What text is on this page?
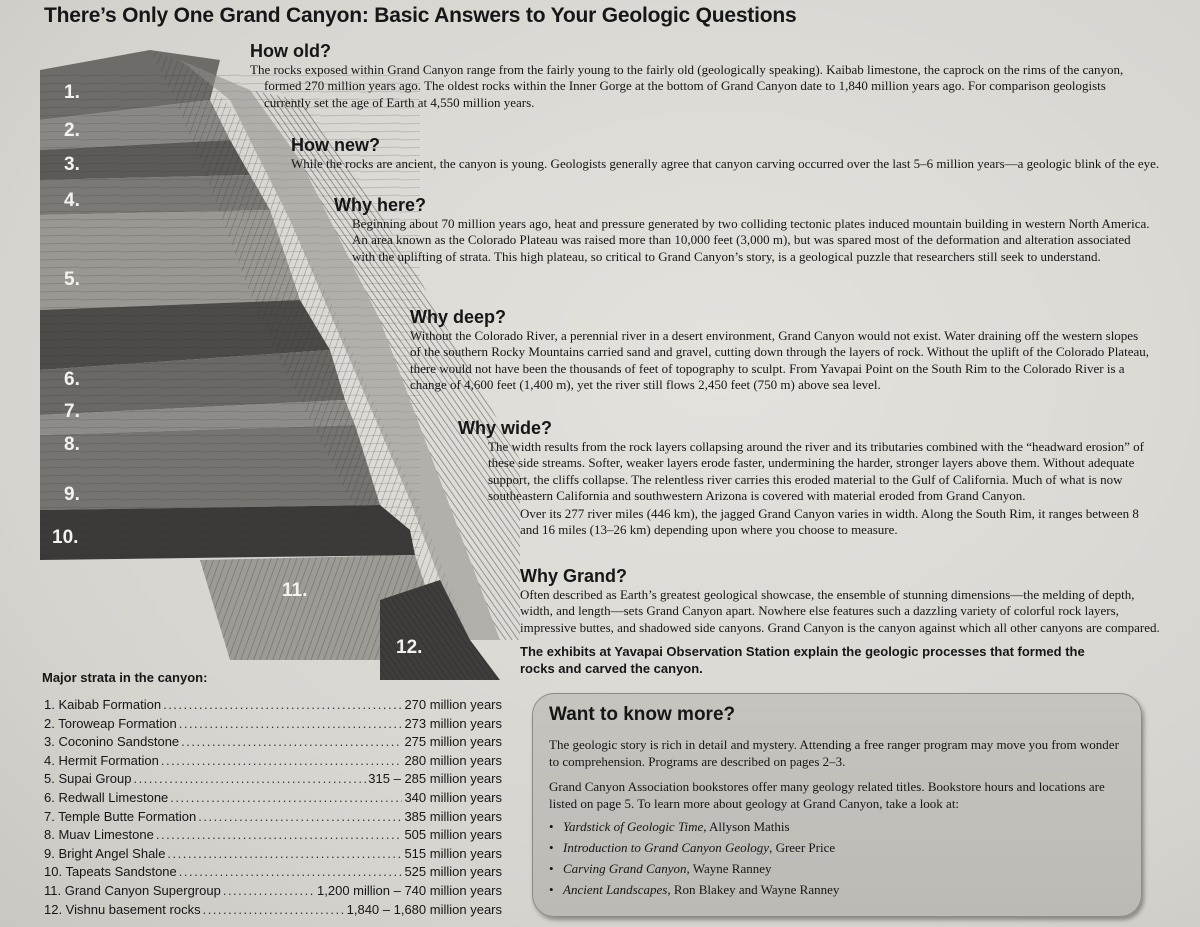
There’s Only One Grand Canyon: Basic Answers to Your Geologic Questions
1.
2.
3.
4.
5.
6.
7.
8.
9.
10.
11.
12.
How old?

The rocks exposed within Grand Canyon range from the fairly young to the fairly old (geologically speaking). Kaibab limestone, the caprock on the rims of the canyon, formed 270 million years ago. The oldest rocks within the Inner Gorge at the bottom of Grand Canyon date to 1,840 million years ago. For comparison geologists currently set the age of Earth at 4,550 million years.

How new?

While the rocks are ancient, the canyon is young. Geologists generally agree that canyon carving occurred over the last 5–6 million years—a geologic blink of the eye.

Why here?

Beginning about 70 million years ago, heat and pressure generated by two colliding tectonic plates induced mountain building in western North America. An area known as the Colorado Plateau was raised more than 10,000 feet (3,000 m), but was spared most of the deformation and alteration associated with the uplifting of strata. This high plateau, so critical to Grand Canyon’s story, is a geological puzzle that researchers still seek to understand.

Why deep?

Without the Colorado River, a perennial river in a desert environment, Grand Canyon would not exist. Water draining off the western slopes of the southern Rocky Mountains carried sand and gravel, cutting down through the layers of rock. Without the uplift of the Colorado Plateau, there would not have been the thousands of feet of topography to sculpt. From Yavapai Point on the South Rim to the Colorado River is a change of 4,600 feet (1,400 m), yet the river still flows 2,450 feet (750 m) above sea level.

Why wide?

The width results from the rock layers collapsing around the river and its tributaries combined with the “headward erosion” of these side streams. Softer, weaker layers erode faster, undermining the harder, stronger layers above them. Without adequate support, the cliffs collapse. The relentless river carries this eroded material to the Gulf of California. Much of what is now southeastern California and southwestern Arizona is covered with material eroded from Grand Canyon.

Over its 277 river miles (446 km), the jagged Grand Canyon varies in width. Along the South Rim, it ranges between 8 and 16 miles (13–26 km) depending upon where you choose to measure.

Why Grand?

Often described as Earth’s greatest geological showcase, the ensemble of stunning dimensions—the melding of depth, width, and length—sets Grand Canyon apart. Nowhere else features such a dazzling variety of colorful rock layers, impressive buttes, and shadowed side canyons. Grand Canyon is the canyon against which all other canyons are compared.

The exhibits at Yavapai Observation Station explain the geologic processes that formed the rocks and carved the canyon.
Major strata in the canyon:
1. Kaibab Formation .....	270 million years
2. Toroweap Formation .....	273 million years
3. Coconino Sandstone .....	275 million years
4. Hermit Formation .....	280 million years
5. Supai Group .....	315 – 285 million years
6. Redwall Limestone .....	340 million years
7. Temple Butte Formation .....	385 million years
8. Muav Limestone .....	505 million years
9. Bright Angel Shale .....	515 million years
10. Tapeats Sandstone .....	525 million years
11. Grand Canyon Supergroup .....	1,200 million – 740 million years
12. Vishnu basement rocks .....	1,840 – 1,680 million years
Want to know more?

The geologic story is rich in detail and mystery. Attending a free ranger program may move you from wonder to comprehension. Programs are described on pages 2–3.

Grand Canyon Association bookstores offer many geology related titles. Bookstore hours and locations are listed on page 5. To learn more about geology at Grand Canyon, take a look at:

• Yardstick of Geologic Time, Allyson Mathis
• Introduction to Grand Canyon Geology, Greer Price
• Carving Grand Canyon, Wayne Ranney
• Ancient Landscapes, Ron Blakey and Wayne Ranney
